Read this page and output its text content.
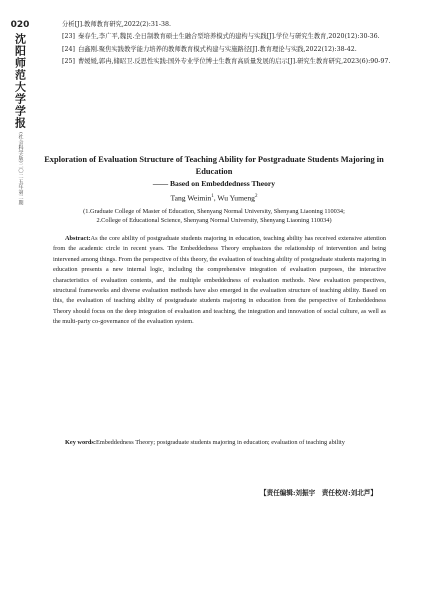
020
沈阳师范大学学报
(社会科学版)二〇二五年第二期
分析[J].教师教育研究,2022(2):31-38.
[23] 秦春生,李广平,魏民.全日制教育硕士生融合型培养模式的建构与实践[J].学位与研究生教育,2020(12):30-36.
[24] 白鑫刚.聚焦实践教学能力培养的教师教育模式构建与实施路径[J].教育理论与实践,2022(12):38-42.
[25] 曹媛媛,郭冉,储昭卫.反思性实践:国外专业学位博士生教育高质量发展的启示[J].研究生教育研究,2023(6):90-97.

Exploration of Evaluation Structure of Teaching Ability for Postgraduate Students Majoring in Education

—— Based on Embeddedness Theory

Tang Weimin$^1$, Wu Yumeng$^2$

(1.Graduate College of Master of Education, Shenyang Normal University, Shenyang Liaoning 110034;

2.College of Educational Science, Shenyang Normal University, Shenyang Liaoning 110034)

Abstract:As the core ability of postgraduate students majoring in education, teaching ability has received extensive attention from the academic circle in recent years. The Embeddedness Theory emphasizes the relationship of intervention and being intervened among things. From the perspective of this theory, the evaluation of teaching ability of postgraduate students majoring in education presents a new internal logic, including the comprehensive integration of evaluation purposes, the interactive characteristics of evaluation contents, and the multiple embeddedness of evaluation methods. New evaluation perspectives, structural frameworks and diverse evaluation methods have also emerged in the evaluation structure of teaching ability. Based on this, the evaluation of teaching ability of postgraduate students majoring in education from the perspective of Embeddedness Theory should focus on the deep integration of evaluation and teaching, the integration and innovation of social culture, as well as the multi-party co-governance of the evaluation system.

Key words:Embeddedness Theory; postgraduate students majoring in education; evaluation of teaching ability

【责任编辑:刘振宇　责任校对:刘北芦】
